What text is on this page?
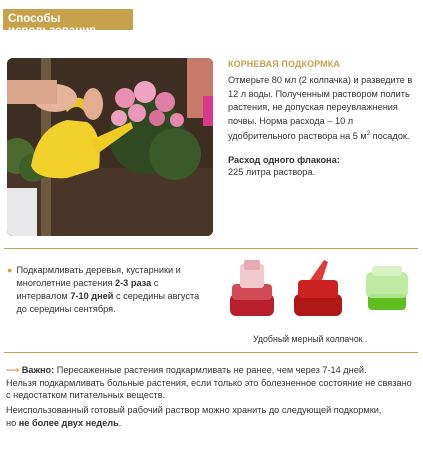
Способы использования
КОРНЕВАЯ ПОДКОРМКА
Отмерьте 80 мл (2 колпачка) и разведите в 12 л воды. Полученным раствором полить растения, не допуская переувлажнения почвы. Норма расхода – 10 л удобрительного раствора на 5 $м^2$ посадок.
Расход одного флакона:
225 литра раствора.
● Подкармливать деревья, кустарники и многолетние растения 2-3 раза с интервалом 7-10 дней с середины августа до середины сентября.
Удобный мерный колпачок .
⟶ Важно: Пересаженные растения подкармливать не ранее, чем через 7-14 дней.
Нельзя подкармливать больные растения, если только это болезненное состояние не связано с недостатком питательных веществ.
Неиспользованный готовый рабочий раствор можно хранить до следующей подкормки,
но не более двух недель.
